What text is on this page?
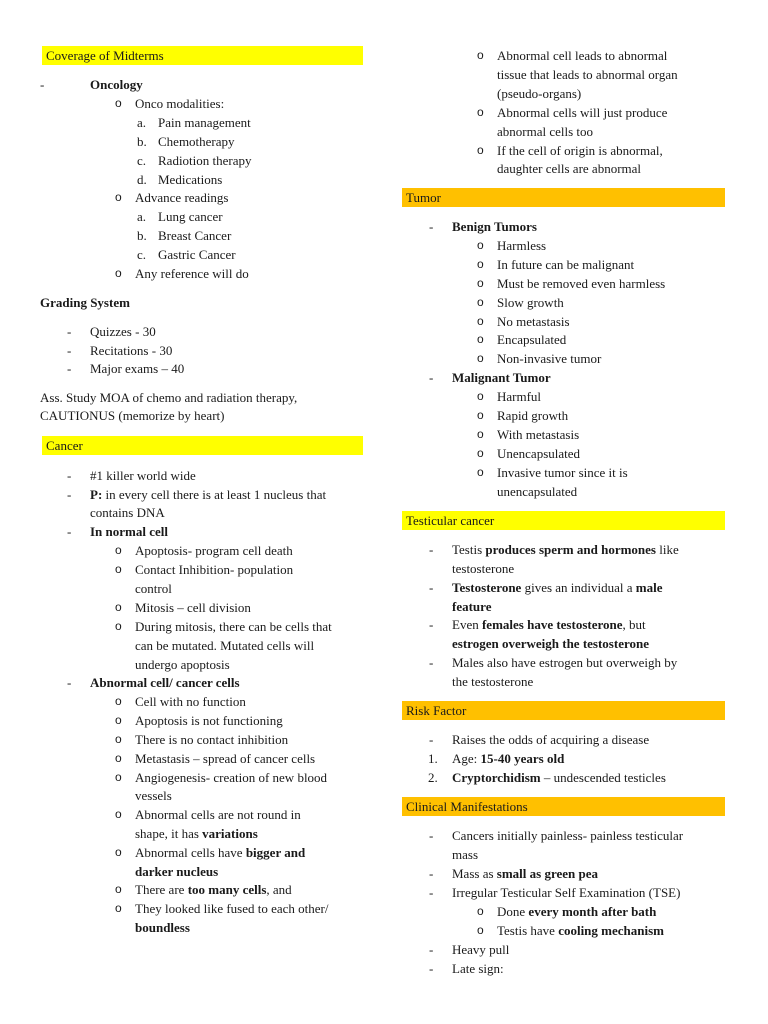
Coverage of Midterms
Oncology
Onco modalities:
a. Pain management
b. Chemotherapy
c. Radiotion therapy
d. Medications
Advance readings
a. Lung cancer
b. Breast Cancer
c. Gastric Cancer
Any reference will do
Grading System
Quizzes - 30
Recitations - 30
Major exams – 40
Ass. Study MOA of chemo and radiation therapy,
CAUTIONUS (memorize by heart)
Cancer
#1 killer world wide
P: in every cell there is at least 1 nucleus that
contains DNA
In normal cell
Apoptosis- program cell death
Contact Inhibition- population
control
Mitosis – cell division
During mitosis, there can be cells that
can be mutated. Mutated cells will
undergo apoptosis
Abnormal cell/ cancer cells
Cell with no function
Apoptosis is not functioning
There is no contact inhibition
Metastasis – spread of cancer cells
Angiogenesis- creation of new blood
vessels
Abnormal cells are not round in
shape, it has variations
Abnormal cells have bigger and
darker nucleus
There are too many cells, and
They looked like fused to each other/
boundless
Abnormal cell leads to abnormal
tissue that leads to abnormal organ
(pseudo-organs)
Abnormal cells will just produce
abnormal cells too
If the cell of origin is abnormal,
daughter cells are abnormal
Tumor
Benign Tumors
Harmless
In future can be malignant
Must be removed even harmless
Slow growth
No metastasis
Encapsulated
Non-invasive tumor
Malignant Tumor
Harmful
Rapid growth
With metastasis
Unencapsulated
Invasive tumor since it is
unencapsulated
Testicular cancer
Testis produces sperm and hormones like
testosterone
Testosterone gives an individual a male
feature
Even females have testosterone, but
estrogen overweigh the testosterone
Males also have estrogen but overweigh by
the testosterone
Risk Factor
Raises the odds of acquiring a disease
1. Age: 15-40 years old
2. Cryptorchidism – undescended testicles
Clinical Manifestations
Cancers initially painless- painless testicular
mass
Mass as small as green pea
Irregular Testicular Self Examination (TSE)
Done every month after bath
Testis have cooling mechanism
Heavy pull
Late sign:
